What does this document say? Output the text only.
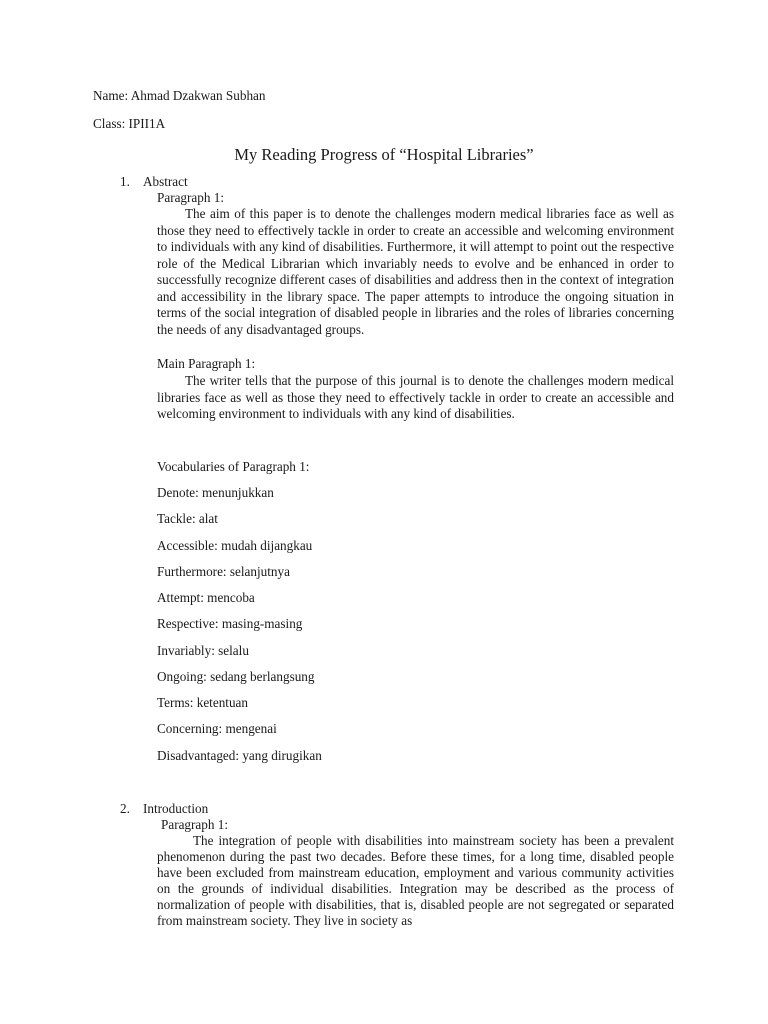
Name: Ahmad Dzakwan Subhan
Class: IPII1A
My Reading Progress of “Hospital Libraries”
1. Abstract
Paragraph 1:
The aim of this paper is to denote the challenges modern medical libraries face as well as those they need to effectively tackle in order to create an accessible and welcoming environment to individuals with any kind of disabilities. Furthermore, it will attempt to point out the respective role of the Medical Librarian which invariably needs to evolve and be enhanced in order to successfully recognize different cases of disabilities and address then in the context of integration and accessibility in the library space. The paper attempts to introduce the ongoing situation in terms of the social integration of disabled people in libraries and the roles of libraries concerning the needs of any disadvantaged groups.
Main Paragraph 1:
The writer tells that the purpose of this journal is to denote the challenges modern medical libraries face as well as those they need to effectively tackle in order to create an accessible and welcoming environment to individuals with any kind of disabilities.
Vocabularies of Paragraph 1:
Denote: menunjukkan
Tackle: alat
Accessible: mudah dijangkau
Furthermore: selanjutnya
Attempt: mencoba
Respective: masing-masing
Invariably: selalu
Ongoing: sedang berlangsung
Terms: ketentuan
Concerning: mengenai
Disadvantaged: yang dirugikan
2. Introduction
Paragraph 1:
The integration of people with disabilities into mainstream society has been a prevalent phenomenon during the past two decades. Before these times, for a long time, disabled people have been excluded from mainstream education, employment and various community activities on the grounds of individual disabilities. Integration may be described as the process of normalization of people with disabilities, that is, disabled people are not segregated or separated from mainstream society. They live in society as
